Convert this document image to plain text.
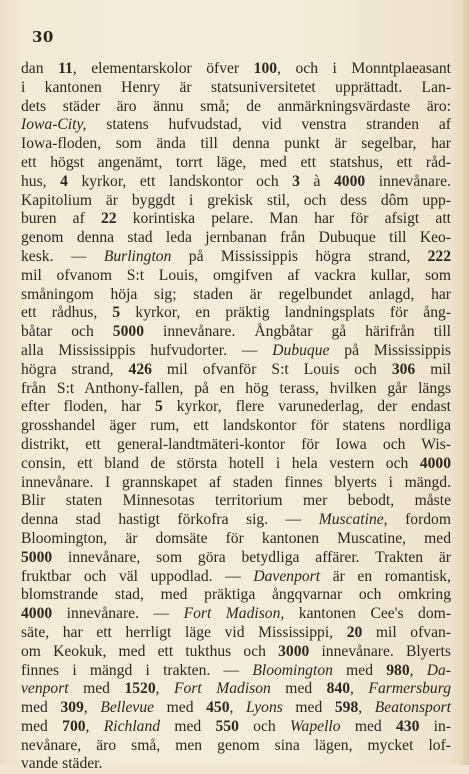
30
dan 11, elementarskolor öfver 100, och i Monntplaeasant
i kantonen Henry är statsuniversitetet upprättadt. Lan-
dets städer äro ännu små; de anmärkningsvärdaste äro:
Iowa-City, statens hufvudstad, vid venstra stranden af
Iowa-floden, som ända till denna punkt är segelbar, har
ett högst angenämt, torrt läge, med ett statshus, ett råd-
hus, 4 kyrkor, ett landskontor och 3 à 4000 innevånare.
Kapitolium är byggdt i grekisk stil, och dess dôm upp-
buren af 22 korintiska pelare. Man har för afsigt att
genom denna stad leda jernbanan från Dubuque till Keo-
kesk. — Burlington på Mississippis högra strand, 222
mil ofvanom S:t Louis, omgifven af vackra kullar, som
småningom höja sig; staden är regelbundet anlagd, har
ett rådhus, 5 kyrkor, en präktig landningsplats för ång-
båtar och 5000 innevånare. Ångbåtar gå härifrån till
alla Mississippis hufvudorter. — Dubuque på Mississippis
högra strand, 426 mil ofvanför S:t Louis och 306 mil
från S:t Anthony-fallen, på en hög terass, hvilken går längs
efter floden, har 5 kyrkor, flere varunederlag, der endast
grosshandel äger rum, ett landskontor för statens nordliga
distrikt, ett general-landtmäteri-kontor för Iowa och Wis-
consin, ett bland de största hotell i hela vestern och 4000
innevånare. I grannskapet af staden finnes blyerts i mängd.
Blir staten Minnesotas territorium mer bebodt, måste
denna stad hastigt förkofra sig. — Muscatine, fordom
Bloomington, är domsäte för kantonen Muscatine, med
5000 innevånare, som göra betydliga affärer. Trakten är
fruktbar och väl uppodlad. — Davenport är en romantisk,
blomstrande stad, med präktiga ångqvarnar och omkring
4000 innevånare. — Fort Madison, kantonen Cee's dom-
säte, har ett herrligt läge vid Mississippi, 20 mil ofvan-
om Keokuk, med ett tukthus och 3000 innevånare. Blyerts
finnes i mängd i trakten. — Bloomington med 980, Da-
venport med 1520, Fort Madison med 840, Farmersburg
med 309, Bellevue med 450, Lyons med 598, Beatonsport
med 700, Richland med 550 och Wapello med 430 in-
nevånare, äro små, men genom sina lägen, mycket lof-
vande städer.
